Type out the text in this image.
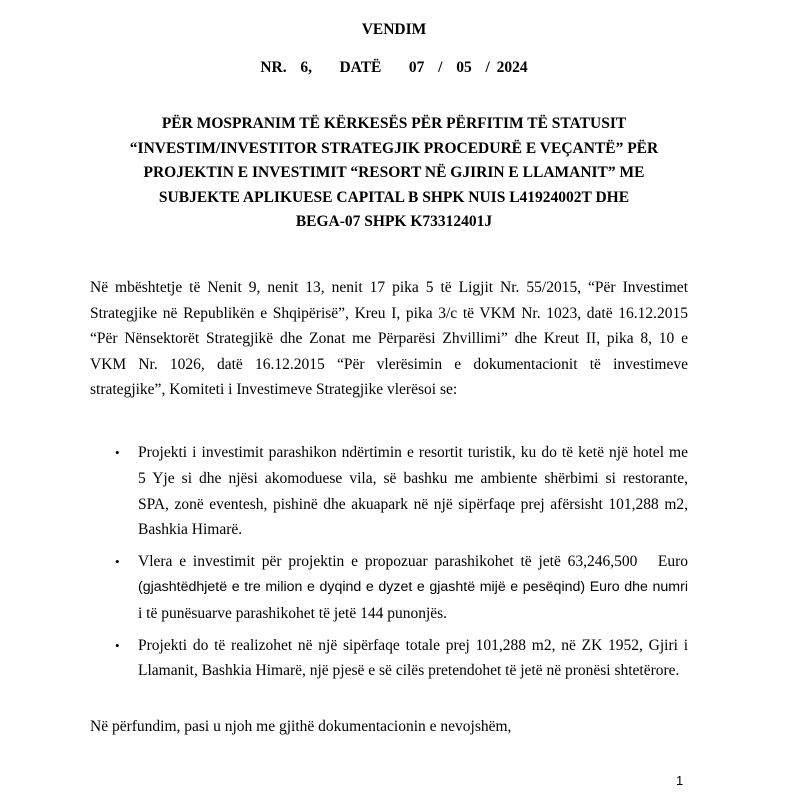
VENDIM
NR.  6,    DATË    07  /  05  / 2024
PËR MOSPRANIM TË KËRKESËS PËR PËRFITIM TË STATUSIT
“INVESTIM/INVESTITOR STRATEGJIK PROCEDURË E VEÇANTË” PËR
PROJEKTIN E INVESTIMIT “RESORT NË GJIRIN E LLAMANIT” ME
SUBJEKTE APLIKUESE CAPITAL B SHPK NUIS L41924002T DHE
BEGA-07 SHPK K73312401J
Në mbështetje të Nenit 9, nenit 13, nenit 17 pika 5 të Ligjit Nr. 55/2015, “Për Investimet
Strategjike në Republikën e Shqipërisë”, Kreu I, pika 3/c të VKM Nr. 1023, datë 16.12.2015
“Për Nënsektorët Strategjikë dhe Zonat me Përparësi Zhvillimi” dhe Kreut II, pika 8, 10 e
VKM Nr. 1026, datë 16.12.2015 “Për vlerësimin e dokumentacionit të investimeve
strategjike”, Komiteti i Investimeve Strategjike vlerësoi se:
• Projekti i investimit parashikon ndërtimin e resortit turistik, ku do të ketë një hotel me
5 Yje si dhe njësi akomoduese vila, së bashku me ambiente shërbimi si restorante,
SPA, zonë eventesh, pishinë dhe akuapark në një sipërfaqe prej afërsisht 101,288 m2,
Bashkia Himarë.
• Vlera e investimit për projektin e propozuar parashikohet të jetë 63,246,500   Euro
(gjashtëdhjetë e tre milion e dyqind e dyzet e gjashtë mijë e pesëqind) Euro dhe numri
i të punësuarve parashikohet të jetë 144 punonjës.
• Projekti do të realizohet në një sipërfaqe totale prej 101,288 m2, në ZK 1952, Gjiri i
Llamanit, Bashkia Himarë, një pjesë e së cilës pretendohet të jetë në pronësi shtetërore.
Në përfundim, pasi u njoh me gjithë dokumentacionin e nevojshëm,
1
